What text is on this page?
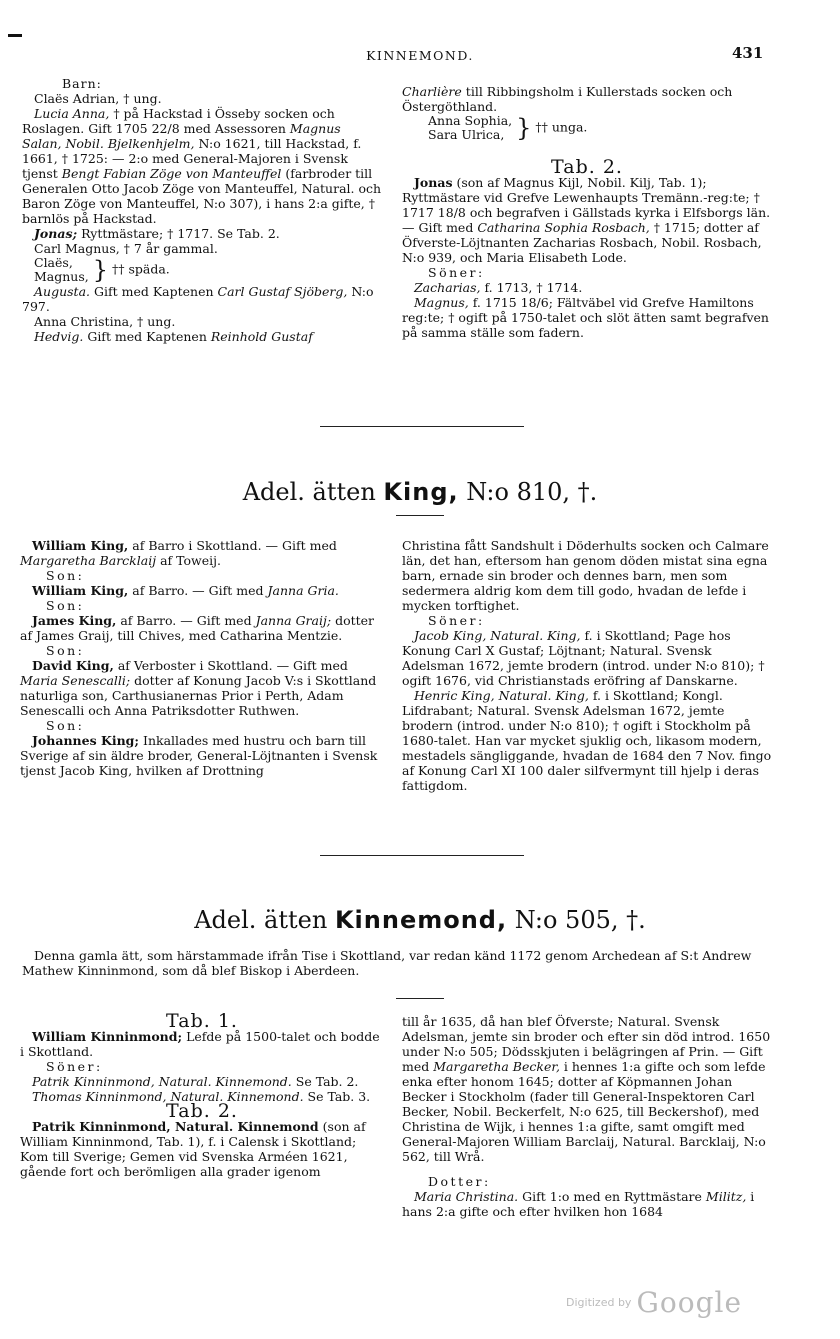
KINNEMOND.	431

Barn:

Claës Adrian, † ung.

Lucia Anna, † på Hackstad i Össeby socken och Roslagen. Gift 1705 22/8 med Assessoren Magnus Salan, Nobil. Bjelkenhjelm, N:o 1621, till Hackstad, f. 1661, † 1725: — 2:o med General-Majoren i Svensk tjenst Bengt Fabian Zöge von Manteuffel (farbroder till Generalen Otto Jacob Zöge von Manteuffel, Natural. och Baron Zöge von Manteuffel, N:o 307), i hans 2:a gifte, † barnlös på Hackstad.

Jonas; Ryttmästare; † 1717. Se Tab. 2.

Carl Magnus, † 7 år gammal.

Claës,
Magnus, } †† späda.

Augusta. Gift med Kaptenen Carl Gustaf Sjöberg, N:o 797.

Anna Christina, † ung.

Hedvig. Gift med Kaptenen Reinhold Gustaf

Charlière till Ribbingsholm i Kullerstads socken och Östergöthland.

Anna Sophia,
Sara Ulrica, } †† unga.

Tab. 2.

Jonas (son af Magnus Kijl, Nobil. Kilj, Tab. 1); Ryttmästare vid Grefve Lewenhaupts Tremänn.-reg:te; † 1717 18/8 och begrafven i Gällstads kyrka i Elfsborgs län. — Gift med Catharina Sophia Rosbach, † 1715; dotter af Öfverste-Löjtnanten Zacharias Rosbach, Nobil. Rosbach, N:o 939, och Maria Elisabeth Lode.

Söner:

Zacharias, f. 1713, † 1714.

Magnus, f. 1715 18/6; Fältväbel vid Grefve Hamiltons reg:te; † ogift på 1750-talet och slöt ätten samt begrafven på samma ställe som fadern.

Adel. ätten King, N:o 810, †.

William King, af Barro i Skottland. — Gift med Margaretha Barcklaij af Toweij.

Son:

William King, af Barro. — Gift med Janna Gria.

Son:

James King, af Barro. — Gift med Janna Graij; dotter af James Graij, till Chives, med Catharina Mentzie.

Son:

David King, af Verboster i Skottland. — Gift med Maria Senescalli; dotter af Konung Jacob V:s i Skottland naturliga son, Carthusianernas Prior i Perth, Adam Senescalli och Anna Patriksdotter Ruthwen.

Son:

Johannes King; Inkallades med hustru och barn till Sverige af sin äldre broder, General-Löjtnanten i Svensk tjenst Jacob King, hvilken af Drottning

Christina fått Sandshult i Döderhults socken och Calmare län, det han, eftersom han genom döden mistat sina egna barn, ernade sin broder och dennes barn, men som sedermera aldrig kom dem till godo, hvadan de lefde i mycken torftighet.

Söner:

Jacob King, Natural. King, f. i Skottland; Page hos Konung Carl X Gustaf; Löjtnant; Natural. Svensk Adelsman 1672, jemte brodern (introd. under N:o 810); † ogift 1676, vid Christianstads eröfring af Danskarne.

Henric King, Natural. King, f. i Skottland; Kongl. Lifdrabant; Natural. Svensk Adelsman 1672, jemte brodern (introd. under N:o 810); † ogift i Stockholm på 1680-talet. Han var mycket sjuklig och, likasom modern, mestadels sängliggande, hvadan de 1684 den 7 Nov. fingo af Konung Carl XI 100 daler silfvermynt till hjelp i deras fattigdom.

Adel. ätten Kinnemond, N:o 505, †.

Denna gamla ätt, som härstammade ifrån Tise i Skottland, var redan känd 1172 genom Archedean af S:t Andrew Mathew Kinninmond, som då blef Biskop i Aberdeen.

Tab. 1.

William Kinninmond; Lefde på 1500-talet och bodde i Skottland.

Söner:

Patrik Kinninmond, Natural. Kinnemond. Se Tab. 2.

Thomas Kinninmond, Natural. Kinnemond. Se Tab. 3.

Tab. 2.

Patrik Kinninmond, Natural. Kinnemond (son af William Kinninmond, Tab. 1), f. i Calensk i Skottland; Kom till Sverige; Gemen vid Svenska Arméen 1621, gående fort och berömligen alla grader igenom

till år 1635, då han blef Öfverste; Natural. Svensk Adelsman, jemte sin broder och efter sin död introd. 1650 under N:o 505; Dödsskjuten i belägringen af Prin. — Gift med Margaretha Becker, i hennes 1:a gifte och som lefde enka efter honom 1645; dotter af Köpmannen Johan Becker i Stockholm (fader till General-Inspektoren Carl Becker, Nobil. Beckerfelt, N:o 625, till Beckershof), med Christina de Wijk, i hennes 1:a gifte, samt omgift med General-Majoren William Barclaij, Natural. Barcklaij, N:o 562, till Wrå.

Dotter:

Maria Christina. Gift 1:o med en Ryttmästare Militz, i hans 2:a gifte och efter hvilken hon 1684

Digitized by Google
